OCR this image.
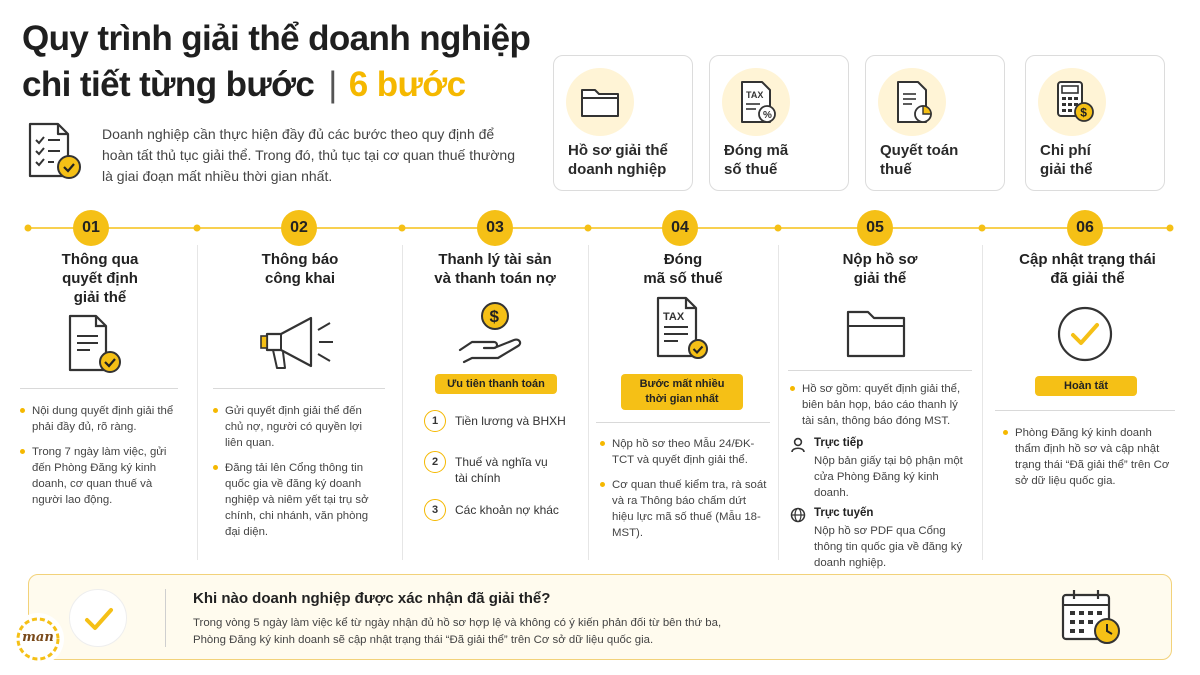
Quy trình giải thể doanh nghiệp
chi tiết từng bước | 6 bước
Doanh nghiệp cần thực hiện đầy đủ các bước theo quy định để hoàn tất thủ tục giải thể. Trong đó, thủ tục tại cơ quan thuế thường là giai đoạn mất nhiều thời gian nhất.
Hồ sơ giải thể
doanh nghiệp
TAX
%
Đóng mã
số thuế
Quyết toán
thuế
$
Chi phí
giải thể
01	02	03	04	05	06
Thông qua
quyết định
giải thể
Nội dung quyết định giải thể phải đầy đủ, rõ ràng.
Trong 7 ngày làm việc, gửi đến Phòng Đăng ký kinh doanh, cơ quan thuế và người lao động.
Thông báo
công khai
Gửi quyết định giải thể đến chủ nợ, người có quyền lợi liên quan.
Đăng tải lên Cổng thông tin quốc gia về đăng ký doanh nghiệp và niêm yết tại trụ sở chính, chi nhánh, văn phòng đại diện.
Thanh lý tài sản
và thanh toán nợ
$
Ưu tiên thanh toán
1	Tiền lương và BHXH
2	Thuế và nghĩa vụ
tài chính
3	Các khoản nợ khác
Đóng
mã số thuế
TAX
Bước mất nhiều
thời gian nhất
Nộp hồ sơ theo Mẫu 24/ĐK-TCT và quyết định giải thể.
Cơ quan thuế kiểm tra, rà soát và ra Thông báo chấm dứt hiệu lực mã số thuế (Mẫu 18-MST).
Nộp hồ sơ
giải thể
Hồ sơ gồm: quyết định giải thể, biên bản họp, báo cáo thanh lý tài sản, thông báo đóng MST.
Trực tiếp
Nộp bản giấy tại bộ phận một cửa Phòng Đăng ký kinh doanh.
Trực tuyến
Nộp hồ sơ PDF qua Cổng thông tin quốc gia về đăng ký doanh nghiệp.
Cập nhật trạng thái
đã giải thể
Hoàn tất
Phòng Đăng ký kinh doanh thẩm định hồ sơ và cập nhật trạng thái “Đã giải thể” trên Cơ sở dữ liệu quốc gia.
Khi nào doanh nghiệp được xác nhận đã giải thể?
Trong vòng 5 ngày làm việc kể từ ngày nhận đủ hồ sơ hợp lệ và không có ý kiến phản đối từ bên thứ ba,
Phòng Đăng ký kinh doanh sẽ cập nhật trạng thái “Đã giải thể” trên Cơ sở dữ liệu quốc gia.
man
